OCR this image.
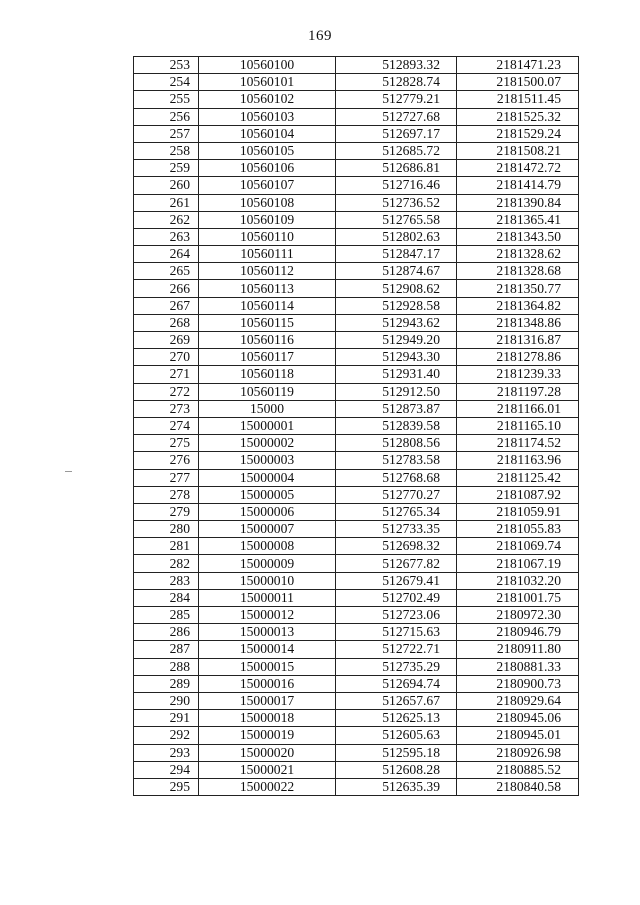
169
253	10560100	512893.32	2181471.23
254	10560101	512828.74	2181500.07
255	10560102	512779.21	2181511.45
256	10560103	512727.68	2181525.32
257	10560104	512697.17	2181529.24
258	10560105	512685.72	2181508.21
259	10560106	512686.81	2181472.72
260	10560107	512716.46	2181414.79
261	10560108	512736.52	2181390.84
262	10560109	512765.58	2181365.41
263	10560110	512802.63	2181343.50
264	10560111	512847.17	2181328.62
265	10560112	512874.67	2181328.68
266	10560113	512908.62	2181350.77
267	10560114	512928.58	2181364.82
268	10560115	512943.62	2181348.86
269	10560116	512949.20	2181316.87
270	10560117	512943.30	2181278.86
271	10560118	512931.40	2181239.33
272	10560119	512912.50	2181197.28
273	15000	512873.87	2181166.01
274	15000001	512839.58	2181165.10
275	15000002	512808.56	2181174.52
276	15000003	512783.58	2181163.96
277	15000004	512768.68	2181125.42
278	15000005	512770.27	2181087.92
279	15000006	512765.34	2181059.91
280	15000007	512733.35	2181055.83
281	15000008	512698.32	2181069.74
282	15000009	512677.82	2181067.19
283	15000010	512679.41	2181032.20
284	15000011	512702.49	2181001.75
285	15000012	512723.06	2180972.30
286	15000013	512715.63	2180946.79
287	15000014	512722.71	2180911.80
288	15000015	512735.29	2180881.33
289	15000016	512694.74	2180900.73
290	15000017	512657.67	2180929.64
291	15000018	512625.13	2180945.06
292	15000019	512605.63	2180945.01
293	15000020	512595.18	2180926.98
294	15000021	512608.28	2180885.52
295	15000022	512635.39	2180840.58
